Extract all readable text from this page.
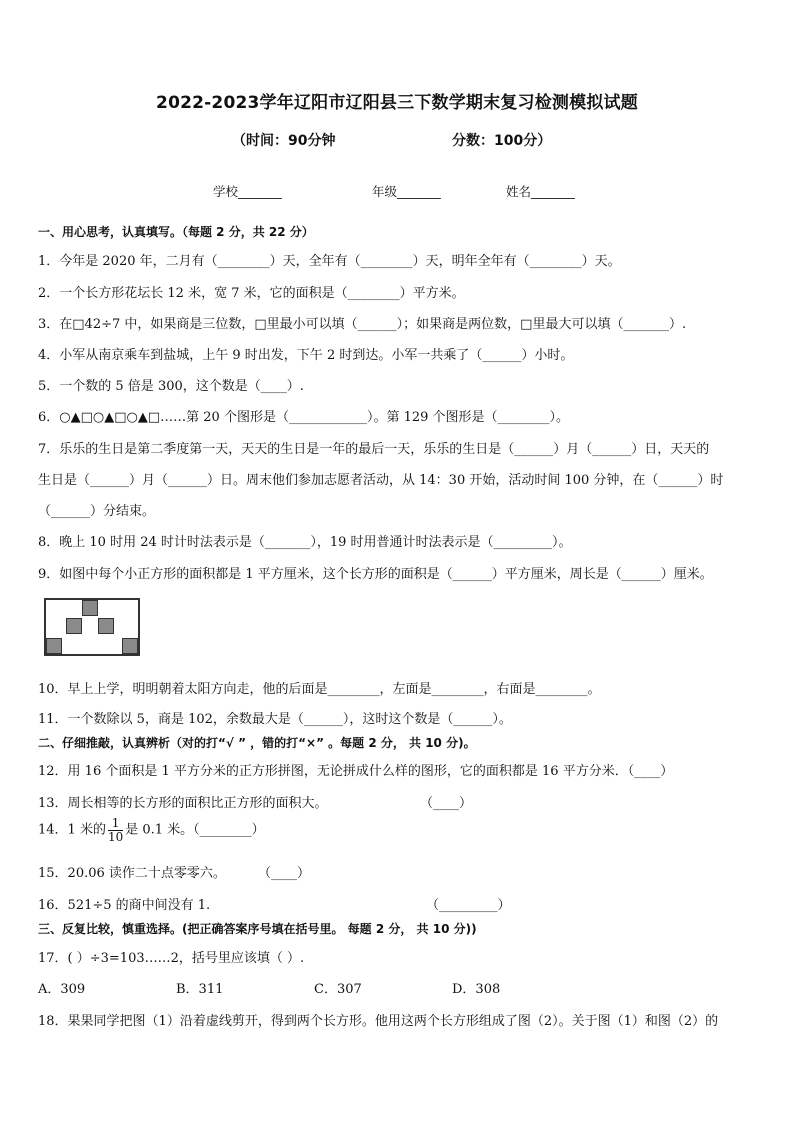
2022-2023学年辽阳市辽阳县三下数学期末复习检测模拟试题
（时间：90分钟	分数：100分）
学校_______	年级_______	姓名_______
一、用心思考，认真填写。（每题 2 分，共 22 分）
1．今年是 2020 年，二月有（________）天，全年有（________）天，明年全年有（________）天。
2．一个长方形花坛长 12 米，宽 7 米，它的面积是（________）平方米。
3．在□42÷7 中，如果商是三位数，□里最小可以填（______）；如果商是两位数，□里最大可以填（_______）.
4．小军从南京乘车到盐城，上午 9 时出发，下午 2 时到达。小军一共乘了（______）小时。
5．一个数的 5 倍是 300，这个数是（____）.
6．○▲□○▲□○▲□……第 20 个图形是（____________）。第 129 个图形是（________）。
7．乐乐的生日是第二季度第一天，天天的生日是一年的最后一天，乐乐的生日是（______）月（______）日，天天的
生日是（______）月（______）日。周末他们参加志愿者活动，从 14：30 开始，活动时间 100 分钟，在（______）时
（______）分结束。
8．晚上 10 时用 24 时计时法表示是（_______），19 时用普通计时法表示是（_________）。
9．如图中每个小正方形的面积都是 1 平方厘米，这个长方形的面积是（______）平方厘米，周长是（______）厘米。
10．早上上学，明明朝着太阳方向走，他的后面是________，左面是________，右面是________。
11．一个数除以 5，商是 102，余数最大是（______），这时这个数是（______）。
二、仔细推敲，认真辨析（对的打“√ ” ，错的打“×” 。每题 2 分， 共 10 分)。
12．用 16 个面积是 1 平方分米的正方形拼图，无论拼成什么样的图形，它的面积都是 16 平方分米．（____）
13．周长相等的长方形的面积比正方形的面积大。	（____）
14．1 米的 $\frac{1}{10}$ 是 0.1 米。（________）
15．20.06 读作二十点零零六。 （____）
16．521÷5 的商中间没有 1.	（_________）
三、反复比较，慎重选择。(把正确答案序号填在括号里。 每题 2 分， 共 10 分))
17．( ）÷3=103……2，括号里应该填（ ）.
A．309	B．311	C．307	D．308
18．果果同学把图（1）沿着虚线剪开，得到两个长方形。他用这两个长方形组成了图（2）。关于图（1）和图（2）的
